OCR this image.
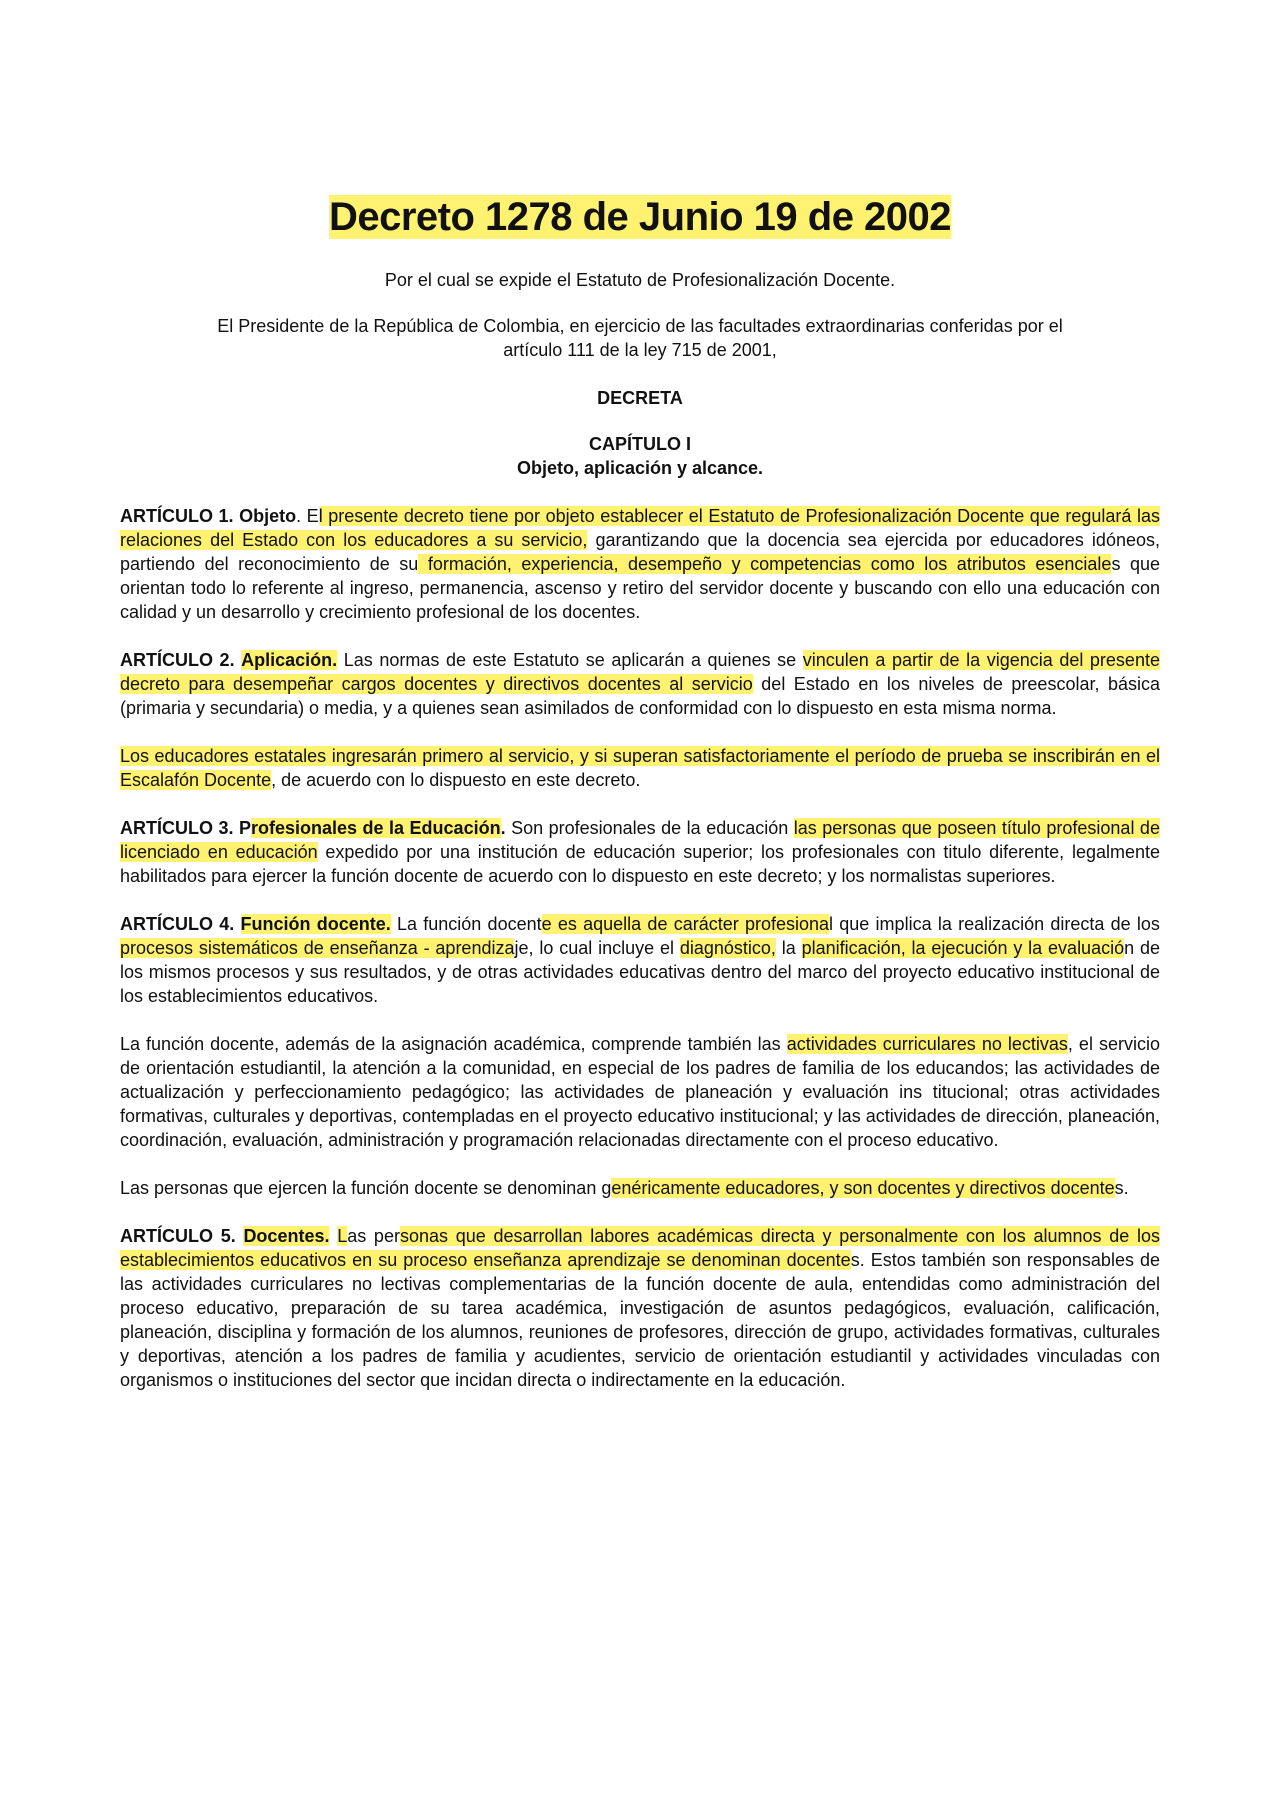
Decreto 1278 de Junio 19 de 2002
Por el cual se expide el Estatuto de Profesionalización Docente.
El Presidente de la República de Colombia, en ejercicio de las facultades extraordinarias conferidas por el
artículo 111 de la ley 715 de 2001,
DECRETA
CAPÍTULO I
Objeto, aplicación y alcance.

ARTÍCULO 1. Objeto. El presente decreto tiene por objeto establecer el Estatuto de Profesionalización Docente que regulará las relaciones del Estado con los educadores a su servicio, garantizando que la docencia sea ejercida por educadores idóneos, partiendo del reconocimiento de su formación, experiencia, desempeño y competencias como los atributos esenciales que orientan todo lo referente al ingreso, permanencia, ascenso y retiro del servidor docente y buscando con ello una educación con calidad y un desarrollo y crecimiento profesional de los docentes.

ARTÍCULO 2. Aplicación. Las normas de este Estatuto se aplicarán a quienes se vinculen a partir de la vigencia del presente decreto para desempeñar cargos docentes y directivos docentes al servicio del Estado en los niveles de preescolar, básica (primaria y secundaria) o media, y a quienes sean asimilados de conformidad con lo dispuesto en esta misma norma.

Los educadores estatales ingresarán primero al servicio, y si superan satisfactoriamente el período de prueba se inscribirán en el Escalafón Docente, de acuerdo con lo dispuesto en este decreto.

ARTÍCULO 3. Profesionales de la Educación. Son profesionales de la educación las personas que poseen título profesional de licenciado en educación expedido por una institución de educación superior; los profesionales con titulo diferente, legalmente habilitados para ejercer la función docente de acuerdo con lo dispuesto en este decreto; y los normalistas superiores.

ARTÍCULO 4. Función docente. La función docente es aquella de carácter profesional que implica la realización directa de los procesos sistemáticos de enseñanza - aprendizaje, lo cual incluye el diagnóstico, la planificación, la ejecución y la evaluación de los mismos procesos y sus resultados, y de otras actividades educativas dentro del marco del proyecto educativo institucional de los establecimientos educativos.

La función docente, además de la asignación académica, comprende también las actividades curriculares no lectivas, el servicio de orientación estudiantil, la atención a la comunidad, en especial de los padres de familia de los educandos; las actividades de actualización y perfeccionamiento pedagógico; las actividades de planeación y evaluación ins titucional; otras actividades formativas, culturales y deportivas, contempladas en el proyecto educativo institucional; y las actividades de dirección, planeación, coordinación, evaluación, administración y programación relacionadas directamente con el proceso educativo.

Las personas que ejercen la función docente se denominan genéricamente educadores, y son docentes y directivos docentes.

ARTÍCULO 5. Docentes. Las personas que desarrollan labores académicas directa y personalmente con los alumnos de los establecimientos educativos en su proceso enseñanza aprendizaje se denominan docentes. Estos también son responsables de las actividades curriculares no lectivas complementarias de la función docente de aula, entendidas como administración del proceso educativo, preparación de su tarea académica, investigación de asuntos pedagógicos, evaluación, calificación, planeación, disciplina y formación de los alumnos, reuniones de profesores, dirección de grupo, actividades formativas, culturales y deportivas, atención a los padres de familia y acudientes, servicio de orientación estudiantil y actividades vinculadas con organismos o instituciones del sector que incidan directa o indirectamente en la educación.
